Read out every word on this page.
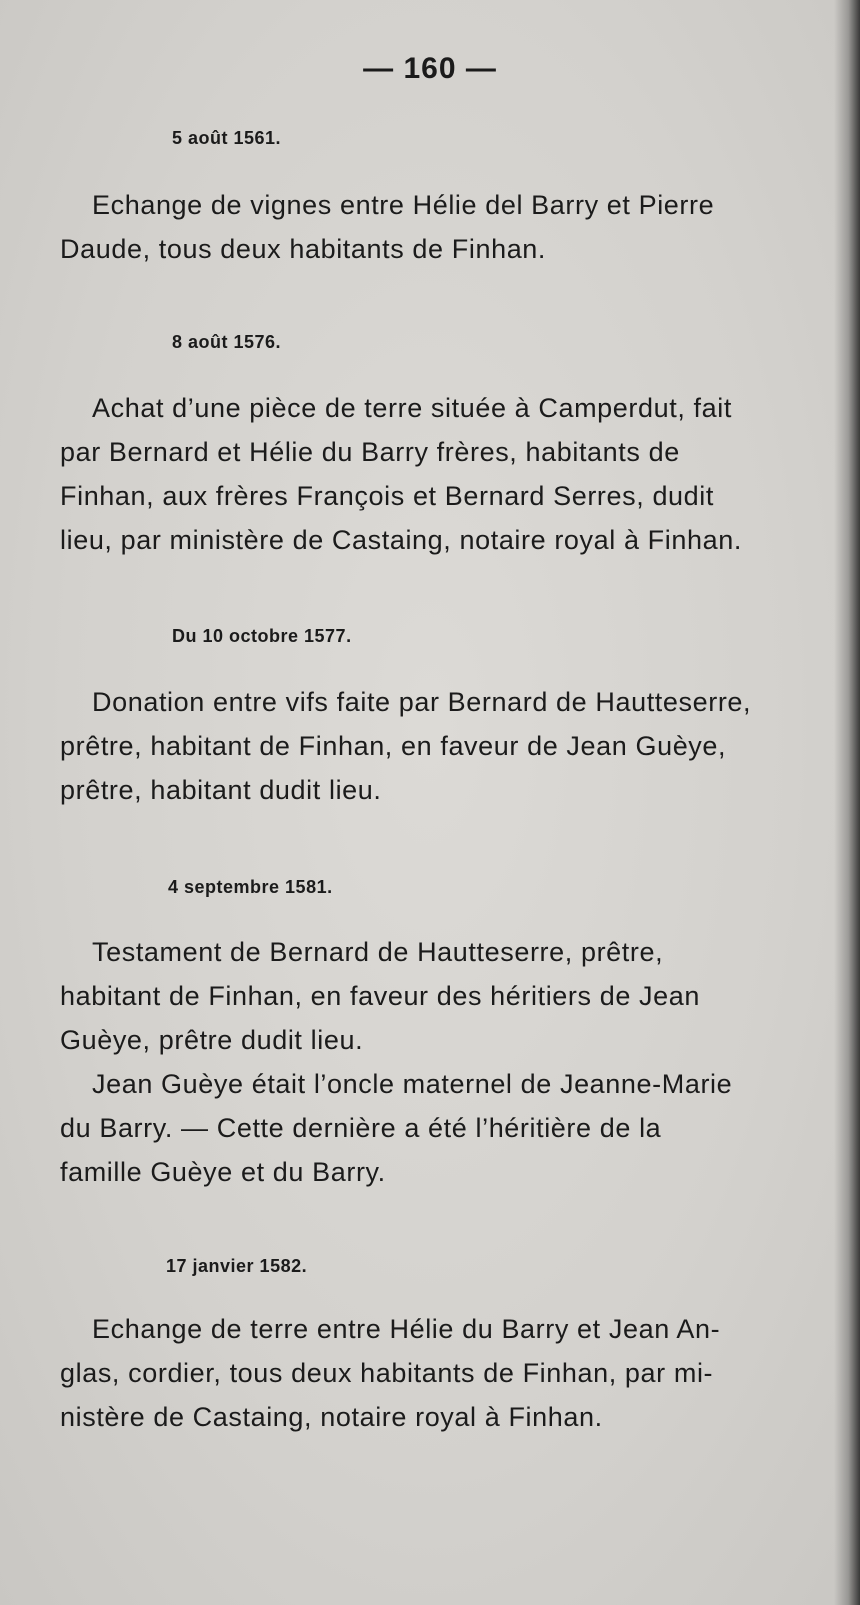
— 160 —
5 août 1561.
Echange de vignes entre Hélie del Barry et Pierre
Daude, tous deux habitants de Finhan.
8 août 1576.
Achat d’une pièce de terre située à Camperdut, fait
par Bernard et Hélie du Barry frères, habitants de
Finhan, aux frères François et Bernard Serres, dudit
lieu, par ministère de Castaing, notaire royal à Finhan.
Du 10 octobre 1577.
Donation entre vifs faite par Bernard de Hautteserre,
prêtre, habitant de Finhan, en faveur de Jean Guèye,
prêtre, habitant dudit lieu.
4 septembre 1581.
Testament de Bernard de Hautteserre, prêtre,
habitant de Finhan, en faveur des héritiers de Jean
Guèye, prêtre dudit lieu.
Jean Guèye était l’oncle maternel de Jeanne-Marie
du Barry. — Cette dernière a été l’héritière de la
famille Guèye et du Barry.
17 janvier 1582.
Echange de terre entre Hélie du Barry et Jean An-
glas, cordier, tous deux habitants de Finhan, par mi-
nistère de Castaing, notaire royal à Finhan.
